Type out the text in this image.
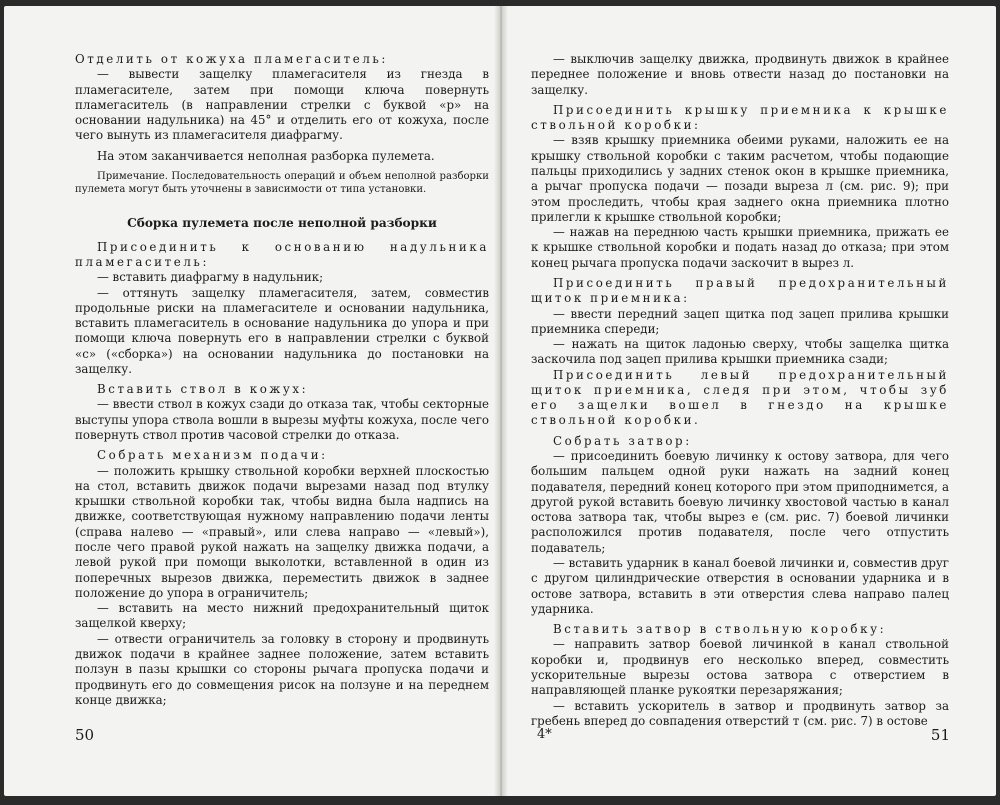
Отделить от кожуха пламегаситель:

— вывести защелку пламегасителя из гнезда в пламегасителе, затем при помощи ключа повернуть пламегаситель (в направлении стрелки с буквой «р» на основании надульника) на 45° и отделить его от кожуха, после чего вынуть из пламегасителя диафрагму.

На этом заканчивается неполная разборка пулемета.

Примечание. Последовательность операций и объем неполной разборки пулемета могут быть уточнены в зависимости от типа установки.

Сборка пулемета после неполной разборки

Присоединить к основанию надульника пламегаситель:

— вставить диафрагму в надульник;

— оттянуть защелку пламегасителя, затем, совместив продольные риски на пламегасителе и основании надульника, вставить пламегаситель в основание надульника до упора и при помощи ключа повернуть его в направлении стрелки с буквой «с» («сборка») на основании надульника до постановки на защелку.

Вставить ствол в кожух:

— ввести ствол в кожух сзади до отказа так, чтобы секторные выступы упора ствола вошли в вырезы муфты кожуха, после чего повернуть ствол против часовой стрелки до отказа.

Собрать механизм подачи:

— положить крышку ствольной коробки верхней плоскостью на стол, вставить движок подачи вырезами назад под втулку крышки ствольной коробки так, чтобы видна была надпись на движке, соответствующая нужному направлению подачи ленты (справа налево — «правый», или слева направо — «левый»), после чего правой рукой нажать на защелку движка подачи, а левой рукой при помощи выколотки, вставленной в один из поперечных вырезов движка, переместить движок в заднее положение до упора в ограничитель;

— вставить на место нижний предохранительный щиток защелкой кверху;

— отвести ограничитель за головку в сторону и продвинуть движок подачи в крайнее заднее положение, затем вставить ползун в пазы крышки со стороны рычага пропуска подачи и продвинуть его до совмещения рисок на ползуне и на переднем конце движка;

50

— выключив защелку движка, продвинуть движок в крайнее переднее положение и вновь отвести назад до постановки на защелку.

Присоединить крышку приемника к крышке ствольной коробки:

— взяв крышку приемника обеими руками, наложить ее на крышку ствольной коробки с таким расчетом, чтобы подающие пальцы приходились у задних стенок окон в крышке приемника, а рычаг пропуска подачи — позади выреза л (см. рис. 9); при этом проследить, чтобы края заднего окна приемника плотно прилегли к крышке ствольной коробки;

— нажав на переднюю часть крышки приемника, прижать ее к крышке ствольной коробки и подать назад до отказа; при этом конец рычага пропуска подачи заскочит в вырез л.

Присоединить правый предохранительный щиток приемника:

— ввести передний зацеп щитка под зацеп прилива крышки приемника спереди;

— нажать на щиток ладонью сверху, чтобы защелка щитка заскочила под зацеп прилива крышки приемника сзади;

Присоединить левый предохранительный щиток приемника, следя при этом, чтобы зуб его защелки вошел в гнездо на крышке ствольной коробки.

Собрать затвор:

— присоединить боевую личинку к остову затвора, для чего большим пальцем одной руки нажать на задний конец подавателя, передний конец которого при этом приподнимется, а другой рукой вставить боевую личинку хвостовой частью в канал остова затвора так, чтобы вырез е (см. рис. 7) боевой личинки расположился против подавателя, после чего отпустить подаватель;

— вставить ударник в канал боевой личинки и, совместив друг с другом цилиндрические отверстия в основании ударника и в остове затвора, вставить в эти отверстия слева направо палец ударника.

Вставить затвор в ствольную коробку:

— направить затвор боевой личинкой в канал ствольной коробки и, продвинув его несколько вперед, совместить ускорительные вырезы остова затвора с отверстием в направляющей планке рукоятки перезаряжания;

— вставить ускоритель в затвор и продвинуть затвор за гребень вперед до совпадения отверстий т (см. рис. 7) в остове

4*	51
